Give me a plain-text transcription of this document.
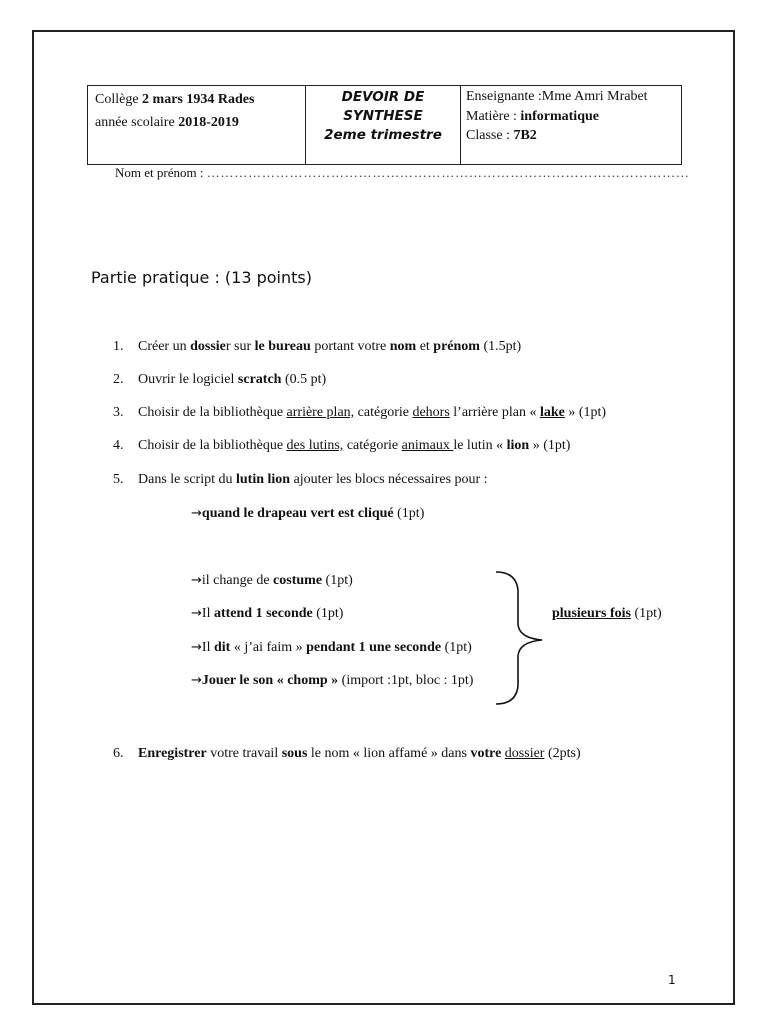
Collège 2 mars 1934 Rades
année scolaire 2018-2019
DEVOIR DE
SYNTHESE
2eme trimestre
Enseignante :Mme Amri Mrabet
Matière : informatique
Classe : 7B2
Nom et prénom : ……………………………………………………………………………………………
Partie pratique : (13 points)
1.	Créer un dossier sur le bureau portant votre nom et prénom (1.5pt)
2.	Ouvrir le logiciel scratch (0.5 pt)
3.	Choisir de la bibliothèque arrière plan, catégorie dehors l’arrière plan « lake » (1pt)
4.	Choisir de la bibliothèque des lutins, catégorie animaux le lutin « lion » (1pt)
5.	Dans le script du lutin lion ajouter les blocs nécessaires pour :
→quand le drapeau vert est cliqué (1pt)
→il change de costume (1pt)
→Il attend 1 seconde (1pt)
→Il dit « j’ai faim » pendant 1 une seconde (1pt)
→Jouer le son « chomp » (import :1pt, bloc : 1pt)
plusieurs fois (1pt)
6.	Enregistrer votre travail sous le nom « lion affamé » dans votre dossier (2pts)
1
